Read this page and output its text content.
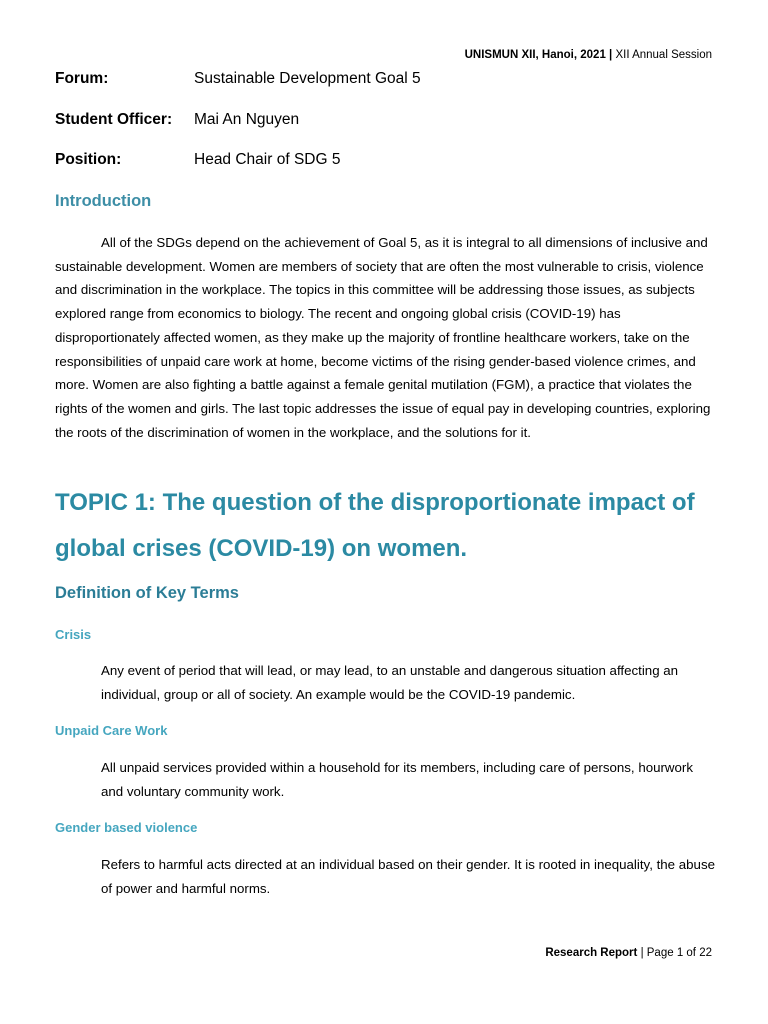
UNISMUN XII, Hanoi, 2021 | XII Annual Session
Forum:	Sustainable Development Goal 5
Student Officer: Mai An Nguyen
Position:	Head Chair of SDG 5
Introduction

All of the SDGs depend on the achievement of Goal 5, as it is integral to all dimensions of inclusive and sustainable development. Women are members of society that are often the most vulnerable to crisis, violence and discrimination in the workplace. The topics in this committee will be addressing those issues, as subjects explored range from economics to biology. The recent and ongoing global crisis (COVID-19) has disproportionately affected women, as they make up the majority of frontline healthcare workers, take on the responsibilities of unpaid care work at home, become victims of the rising gender-based violence crimes, and more. Women are also fighting a battle against a female genital mutilation (FGM), a practice that violates the rights of the women and girls. The last topic addresses the issue of equal pay in developing countries, exploring the roots of the discrimination of women in the workplace, and the solutions for it.

TOPIC 1: The question of the disproportionate impact of global crises (COVID-19) on women.
Definition of Key Terms
Crisis

Any event of period that will lead, or may lead, to an unstable and dangerous situation affecting an individual, group or all of society. An example would be the COVID-19 pandemic.

Unpaid Care Work

All unpaid services provided within a household for its members, including care of persons, hourwork and voluntary community work.

Gender based violence

Refers to harmful acts directed at an individual based on their gender. It is rooted in inequality, the abuse of power and harmful norms.

Research Report | Page 1 of 22
